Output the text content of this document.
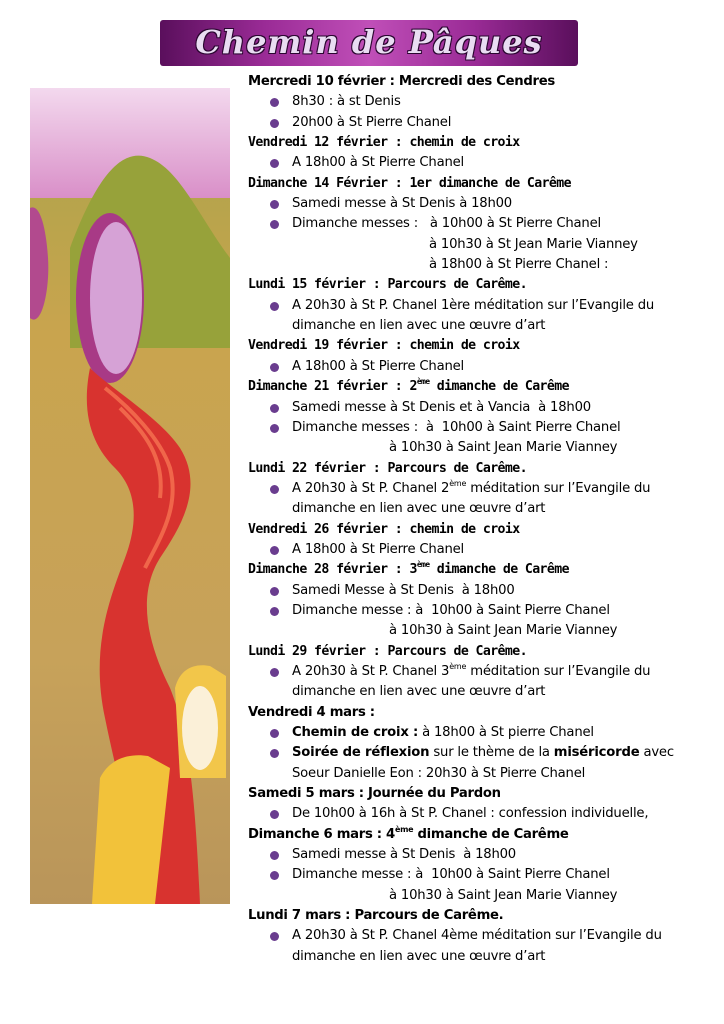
Chemin de Pâques
Mercredi 10 février : Mercredi des Cendres
8h30 : à st Denis
20h00 à St Pierre Chanel
Vendredi 12 février : chemin de croix
A 18h00 à St Pierre Chanel
Dimanche 14 Février : 1er dimanche de Carême
Samedi messe à St Denis à 18h00
Dimanche messes :   à 10h00 à St Pierre Chanel
à 10h30 à St Jean Marie Vianney
à 18h00 à St Pierre Chanel :
Lundi 15 février : Parcours de Carême.
A 20h30 à St P. Chanel 1ère méditation sur l’Evangile du
dimanche en lien avec une œuvre d’art
Vendredi 19 février : chemin de croix
A 18h00 à St Pierre Chanel
Dimanche 21 février : 2ème dimanche de Carême
Samedi messe à St Denis et à Vancia  à 18h00
Dimanche messes :  à  10h00 à Saint Pierre Chanel
à 10h30 à Saint Jean Marie Vianney
Lundi 22 février : Parcours de Carême.
A 20h30 à St P. Chanel 2ème méditation sur l’Evangile du
dimanche en lien avec une œuvre d’art
Vendredi 26 février : chemin de croix
A 18h00 à St Pierre Chanel
Dimanche 28 février : 3ème dimanche de Carême
Samedi Messe à St Denis  à 18h00
Dimanche messe : à  10h00 à Saint Pierre Chanel
à 10h30 à Saint Jean Marie Vianney
Lundi 29 février : Parcours de Carême.
A 20h30 à St P. Chanel 3ème méditation sur l’Evangile du
dimanche en lien avec une œuvre d’art
Vendredi 4 mars :
Chemin de croix : à 18h00 à St pierre Chanel
Soirée de réflexion sur le thème de la miséricorde avec
Soeur Danielle Eon : 20h30 à St Pierre Chanel
Samedi 5 mars : Journée du Pardon
De 10h00 à 16h à St P. Chanel : confession individuelle,
Dimanche 6 mars : 4ème dimanche de Carême
Samedi messe à St Denis  à 18h00
Dimanche messe : à  10h00 à Saint Pierre Chanel
à 10h30 à Saint Jean Marie Vianney
Lundi 7 mars : Parcours de Carême.
A 20h30 à St P. Chanel 4ème méditation sur l’Evangile du
dimanche en lien avec une œuvre d’art
